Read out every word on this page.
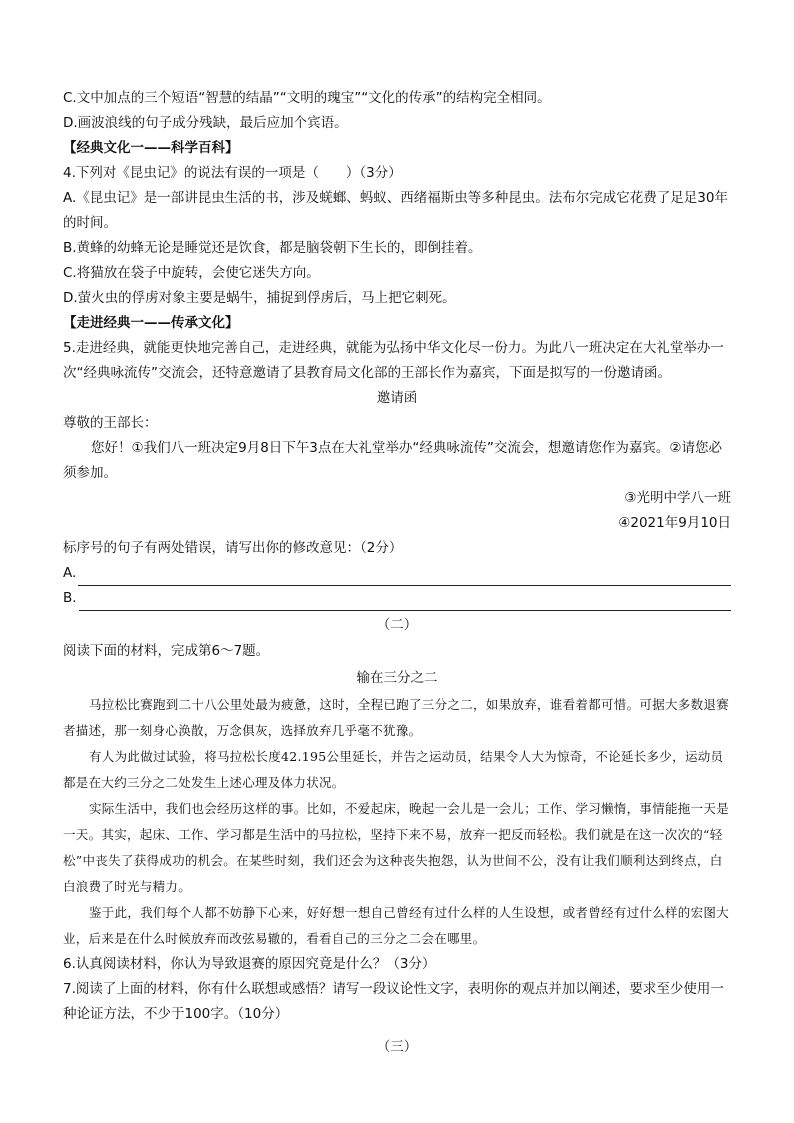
C.文中加点的三个短语“智慧的结晶”“文明的瑰宝”“文化的传承”的结构完全相同。
D.画波浪线的句子成分残缺，最后应加个宾语。
【经典文化一——科学百科】
4.下列对《昆虫记》的说法有误的一项是（　　）（3分）
A.《昆虫记》是一部讲昆虫生活的书，涉及蜣螂、蚂蚁、西绪福斯虫等多种昆虫。法布尔完成它花费了足足30年的时间。
B.黄蜂的幼蜂无论是睡觉还是饮食，都是脑袋朝下生长的，即倒挂着。
C.将猫放在袋子中旋转，会使它迷失方向。
D.萤火虫的俘虏对象主要是蜗牛，捕捉到俘虏后，马上把它刺死。
【走进经典一——传承文化】
5.走进经典，就能更快地完善自己，走进经典，就能为弘扬中华文化尽一份力。为此八一班决定在大礼堂举办一次“经典咏流传”交流会，还特意邀请了县教育局文化部的王部长作为嘉宾，下面是拟写的一份邀请函。
邀请函
尊敬的王部长：
您好！①我们八一班决定9月8日下午3点在大礼堂举办“经典咏流传”交流会，想邀请您作为嘉宾。②请您必须参加。
③光明中学八一班
④2021年9月10日
标序号的句子有两处错误，请写出你的修改意见：（2分）
A.
B.
（二）
阅读下面的材料，完成第6～7题。
输在三分之二
马拉松比赛跑到二十八公里处最为疲惫，这时，全程已跑了三分之二，如果放弃，谁看着都可惜。可据大多数退赛者描述，那一刻身心涣散，万念俱灰，选择放弃几乎毫不犹豫。
有人为此做过试验，将马拉松长度42.195公里延长，并告之运动员，结果令人大为惊奇，不论延长多少，运动员都是在大约三分之二处发生上述心理及体力状况。
实际生活中，我们也会经历这样的事。比如，不爱起床，晚起一会儿是一会儿；工作、学习懒惰，事情能拖一天是一天。其实，起床、工作、学习都是生活中的马拉松，坚持下来不易，放弃一把反而轻松。我们就是在这一次次的“轻松”中丧失了获得成功的机会。在某些时刻，我们还会为这种丧失抱怨，认为世间不公，没有让我们顺利达到终点，白白浪费了时光与精力。
鉴于此，我们每个人都不妨静下心来，好好想一想自己曾经有过什么样的人生设想，或者曾经有过什么样的宏图大业，后来是在什么时候放弃而改弦易辙的，看看自己的三分之二会在哪里。
6.认真阅读材料，你认为导致退赛的原因究竟是什么？（3分）
7.阅读了上面的材料，你有什么联想或感悟？请写一段议论性文字，表明你的观点并加以阐述，要求至少使用一种论证方法，不少于100字。（10分）
（三）
